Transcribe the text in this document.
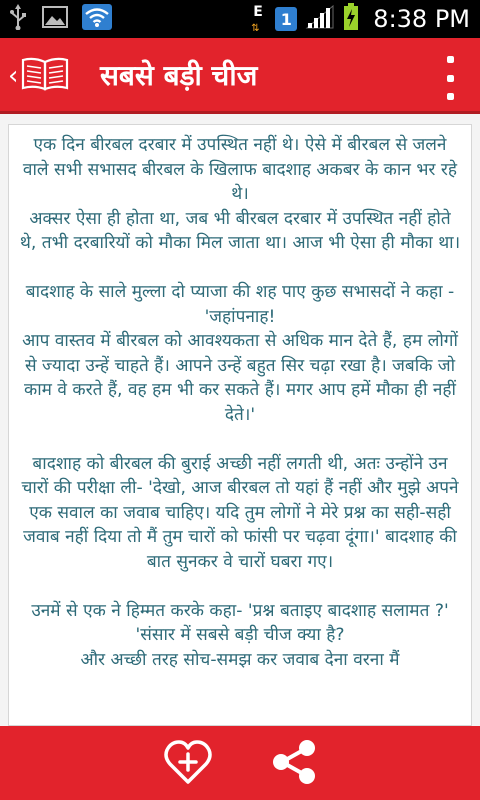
E
⇅	1	8:38 PM
‹	सबसे बड़ी चीज

एक दिन बीरबल दरबार में उपस्थित नहीं थे। ऐसे में बीरबल से जलने वाले सभी सभासद बीरबल के खिलाफ बादशाह अकबर के कान भर रहे थे।

अक्सर ऐसा ही होता था, जब भी बीरबल दरबार में उपस्थित नहीं होते थे, तभी दरबारियों को मौका मिल जाता था। आज भी ऐसा ही मौका था।

बादशाह के साले मुल्ला दो प्याजा की शह पाए कुछ सभासदों ने कहा -'जहांपनाह!

आप वास्तव में बीरबल को आवश्यकता से अधिक मान देते हैं, हम लोगों से ज्यादा उन्हें चाहते हैं। आपने उन्हें बहुत सिर चढ़ा रखा है। जबकि जो काम वे करते हैं, वह हम भी कर सकते हैं। मगर आप हमें मौका ही नहीं देते।'

बादशाह को बीरबल की बुराई अच्छी नहीं लगती थी, अतः उन्होंने उन चारों की परीक्षा ली- 'देखो, आज बीरबल तो यहां हैं नहीं और मुझे अपने एक सवाल का जवाब चाहिए। यदि तुम लोगों ने मेरे प्रश्न का सही-सही जवाब नहीं दिया तो मैं तुम चारों को फांसी पर चढ़वा दूंगा।' बादशाह की बात सुनकर वे चारों घबरा गए।

उनमें से एक ने हिम्मत करके कहा- 'प्रश्न बताइए बादशाह सलामत ?'

'संसार में सबसे बड़ी चीज क्या है?

और अच्छी तरह सोच-समझ कर जवाब देना वरना मैं
